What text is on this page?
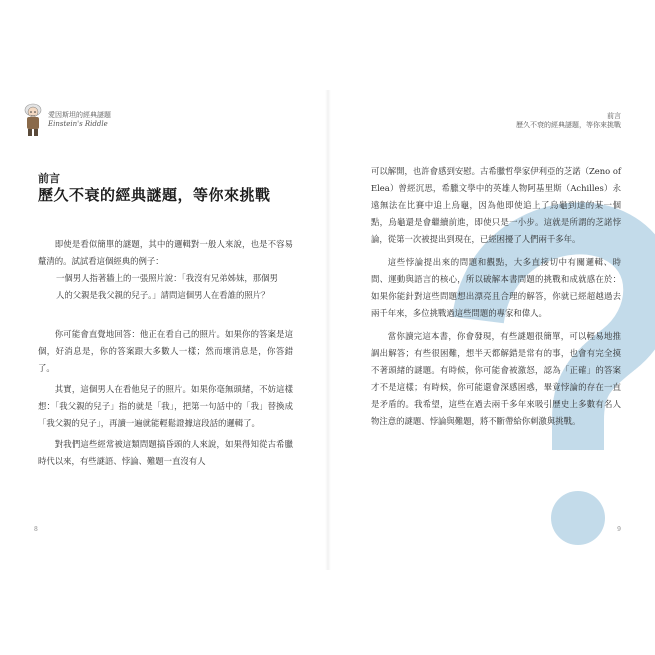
愛因斯坦的經典謎題
Einstein's Riddle
前言
歷久不衰的經典謎題，等你來挑戰

即使是看似簡單的謎題，其中的邏輯對一般人來說，也是不容易釐清的。試試看這個經典的例子：

你可能會直覺地回答：他正在看自己的照片。如果你的答案是這個，好消息是，你的答案跟大多數人一樣；然而壞消息是，你答錯了。

其實，這個男人在看他兒子的照片。如果你毫無頭緒，不妨這樣想：「我父親的兒子」指的就是「我」，把第一句話中的「我」替換成「我父親的兒子」，再讀一遍就能輕鬆證據這段話的邏輯了。

對我們這些經常被這類問題搞昏頭的人來說，如果得知從古希臘時代以來，有些謎語、悖論、難題一直沒有人

一個男人指著牆上的一張照片說：「我沒有兄弟姊妹，那個男人的父親是我父親的兒子。」請問這個男人在看誰的照片？
8
前言
歷久不衰的經典謎題，等你來挑戰

可以解開，也許會感到安慰。古希臘哲學家伊利亞的芝諾（Zeno of Elea）曾經沉思，希臘文學中的英雄人物阿基里斯（Achilles）永遠無法在比賽中追上烏龜，因為他即使追上了烏龜到達的某一個點，烏龜還是會繼續前進，即使只是一小步。這就是所謂的芝諾悖論，從第一次被提出到現在，已經困擾了人們兩千多年。

這些悖論提出來的問題和觀點，大多直接切中有關邏輯、時間、運動與語言的核心，所以破解本書問題的挑戰和成就感在於：如果你能針對這些問題想出漂亮且合理的解答，你就已經超越過去兩千年來，多位挑戰過這些問題的專家和偉人。

當你讀完這本書，你會發現，有些謎題很簡單，可以輕易地推調出解答；有些很困難，想半天都解錯是常有的事，也會有完全摸不著頭緒的謎題。有時候，你可能會被激怒，認為「正確」的答案才不是這樣；有時候，你可能還會深感困惑，畢竟悖論的存在一直是矛盾的。我希望，這些在過去兩千多年來吸引歷史上多數有名人物注意的謎題、悖論與難題，將不斷帶給你刺激與挑戰。

9
